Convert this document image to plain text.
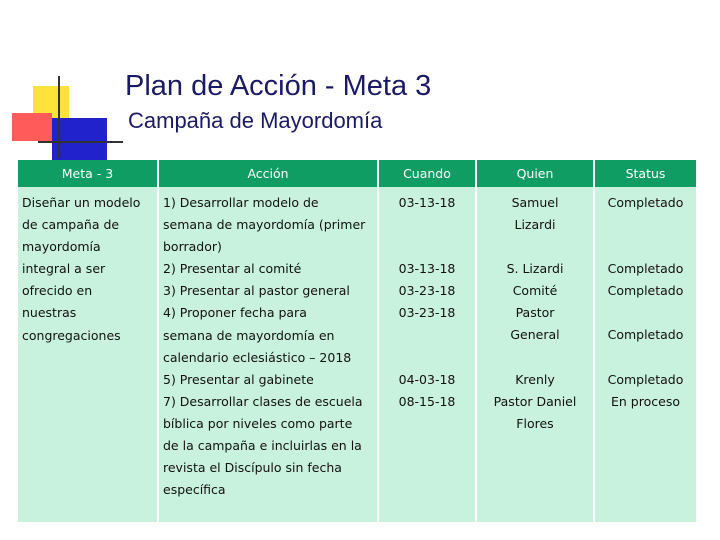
Plan de Acción - Meta 3
Campaña de Mayordomía
Meta - 3
Diseñar un modelo
de campaña de
mayordomía
integral a ser
ofrecido en
nuestras
congregaciones
Acción
1) Desarrollar modelo de
semana de mayordomía (primer
borrador)
2) Presentar al comité
3) Presentar al pastor general
4) Proponer fecha para
semana de mayordomía en
calendario eclesiástico – 2018
5) Presentar al gabinete
7) Desarrollar clases de escuela
bíblica por niveles como parte
de la campaña e incluirlas en la
revista el Discípulo sin fecha
específica
Cuando
03-13-18
03-13-18
03-23-18
03-23-18
04-03-18
08-15-18
Quien
Samuel
Lizardi
S. Lizardi
Comité
Pastor
General
Krenly
Pastor Daniel
Flores
Status
Completado
Completado
Completado
Completado
Completado
En proceso
